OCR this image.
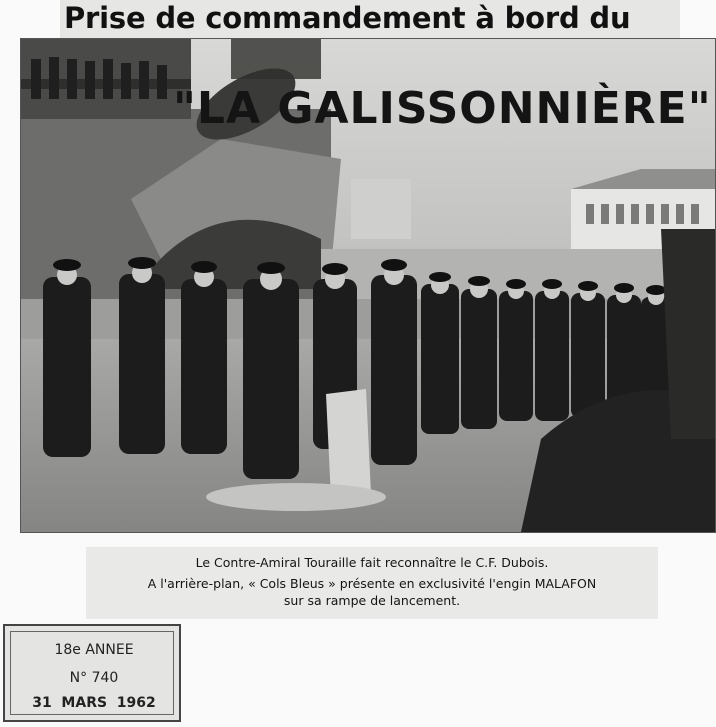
Prise de commandement à bord du
"LA GALISSONNIÈRE"
Le Contre-Amiral Touraille fait reconnaître le C.F. Dubois.
A l'arrière-plan, « Cols Bleus » présente en exclusivité l'engin MALAFON
sur sa rampe de lancement.
18e ANNEE
N° 740
31  MARS  1962
